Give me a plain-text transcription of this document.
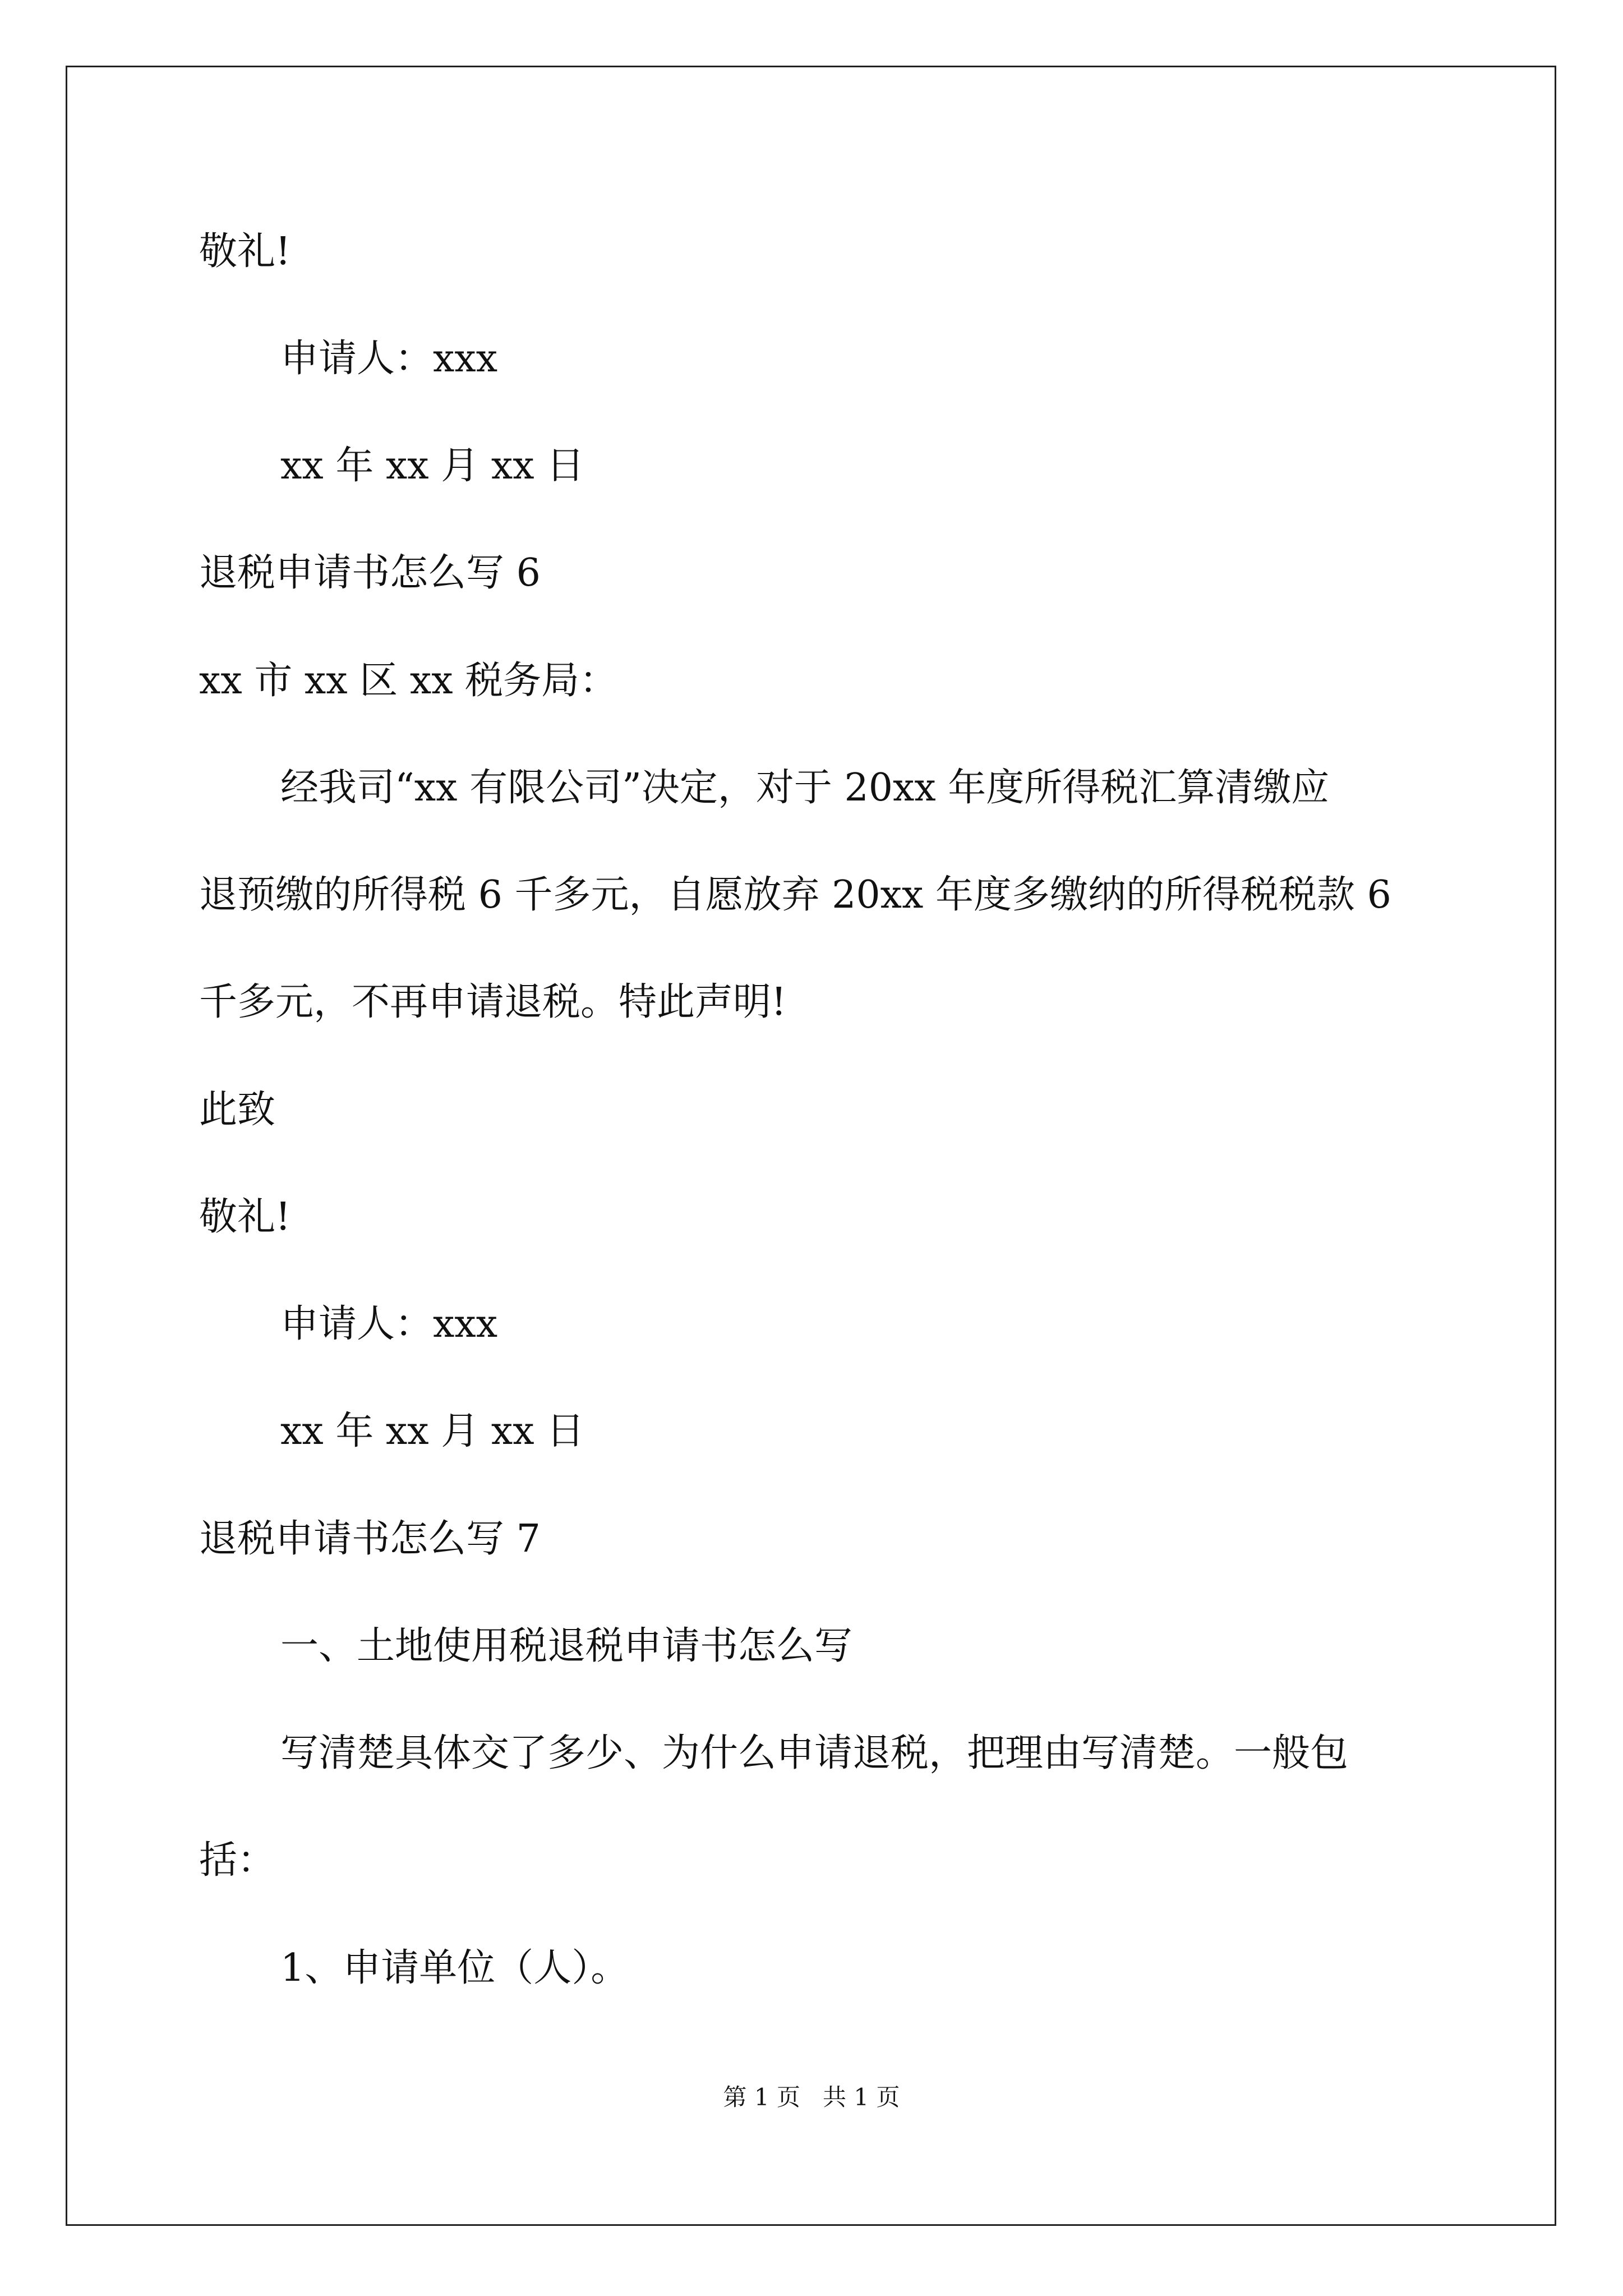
敬礼!
申请人：xxx
xx 年 xx 月 xx 日
退税申请书怎么写 6
xx 市 xx 区 xx 税务局：
经我司“xx 有限公司”决定，对于 20xx 年度所得税汇算清缴应
退预缴的所得税 6 千多元，自愿放弃 20xx 年度多缴纳的所得税税款 6
千多元，不再申请退税。特此声明!
此致
敬礼!
申请人：xxx
xx 年 xx 月 xx 日
退税申请书怎么写 7
一、土地使用税退税申请书怎么写
写清楚具体交了多少、为什么申请退税，把理由写清楚。一般包
括：
1、申请单位（人）。
第 1 页   共 1 页
